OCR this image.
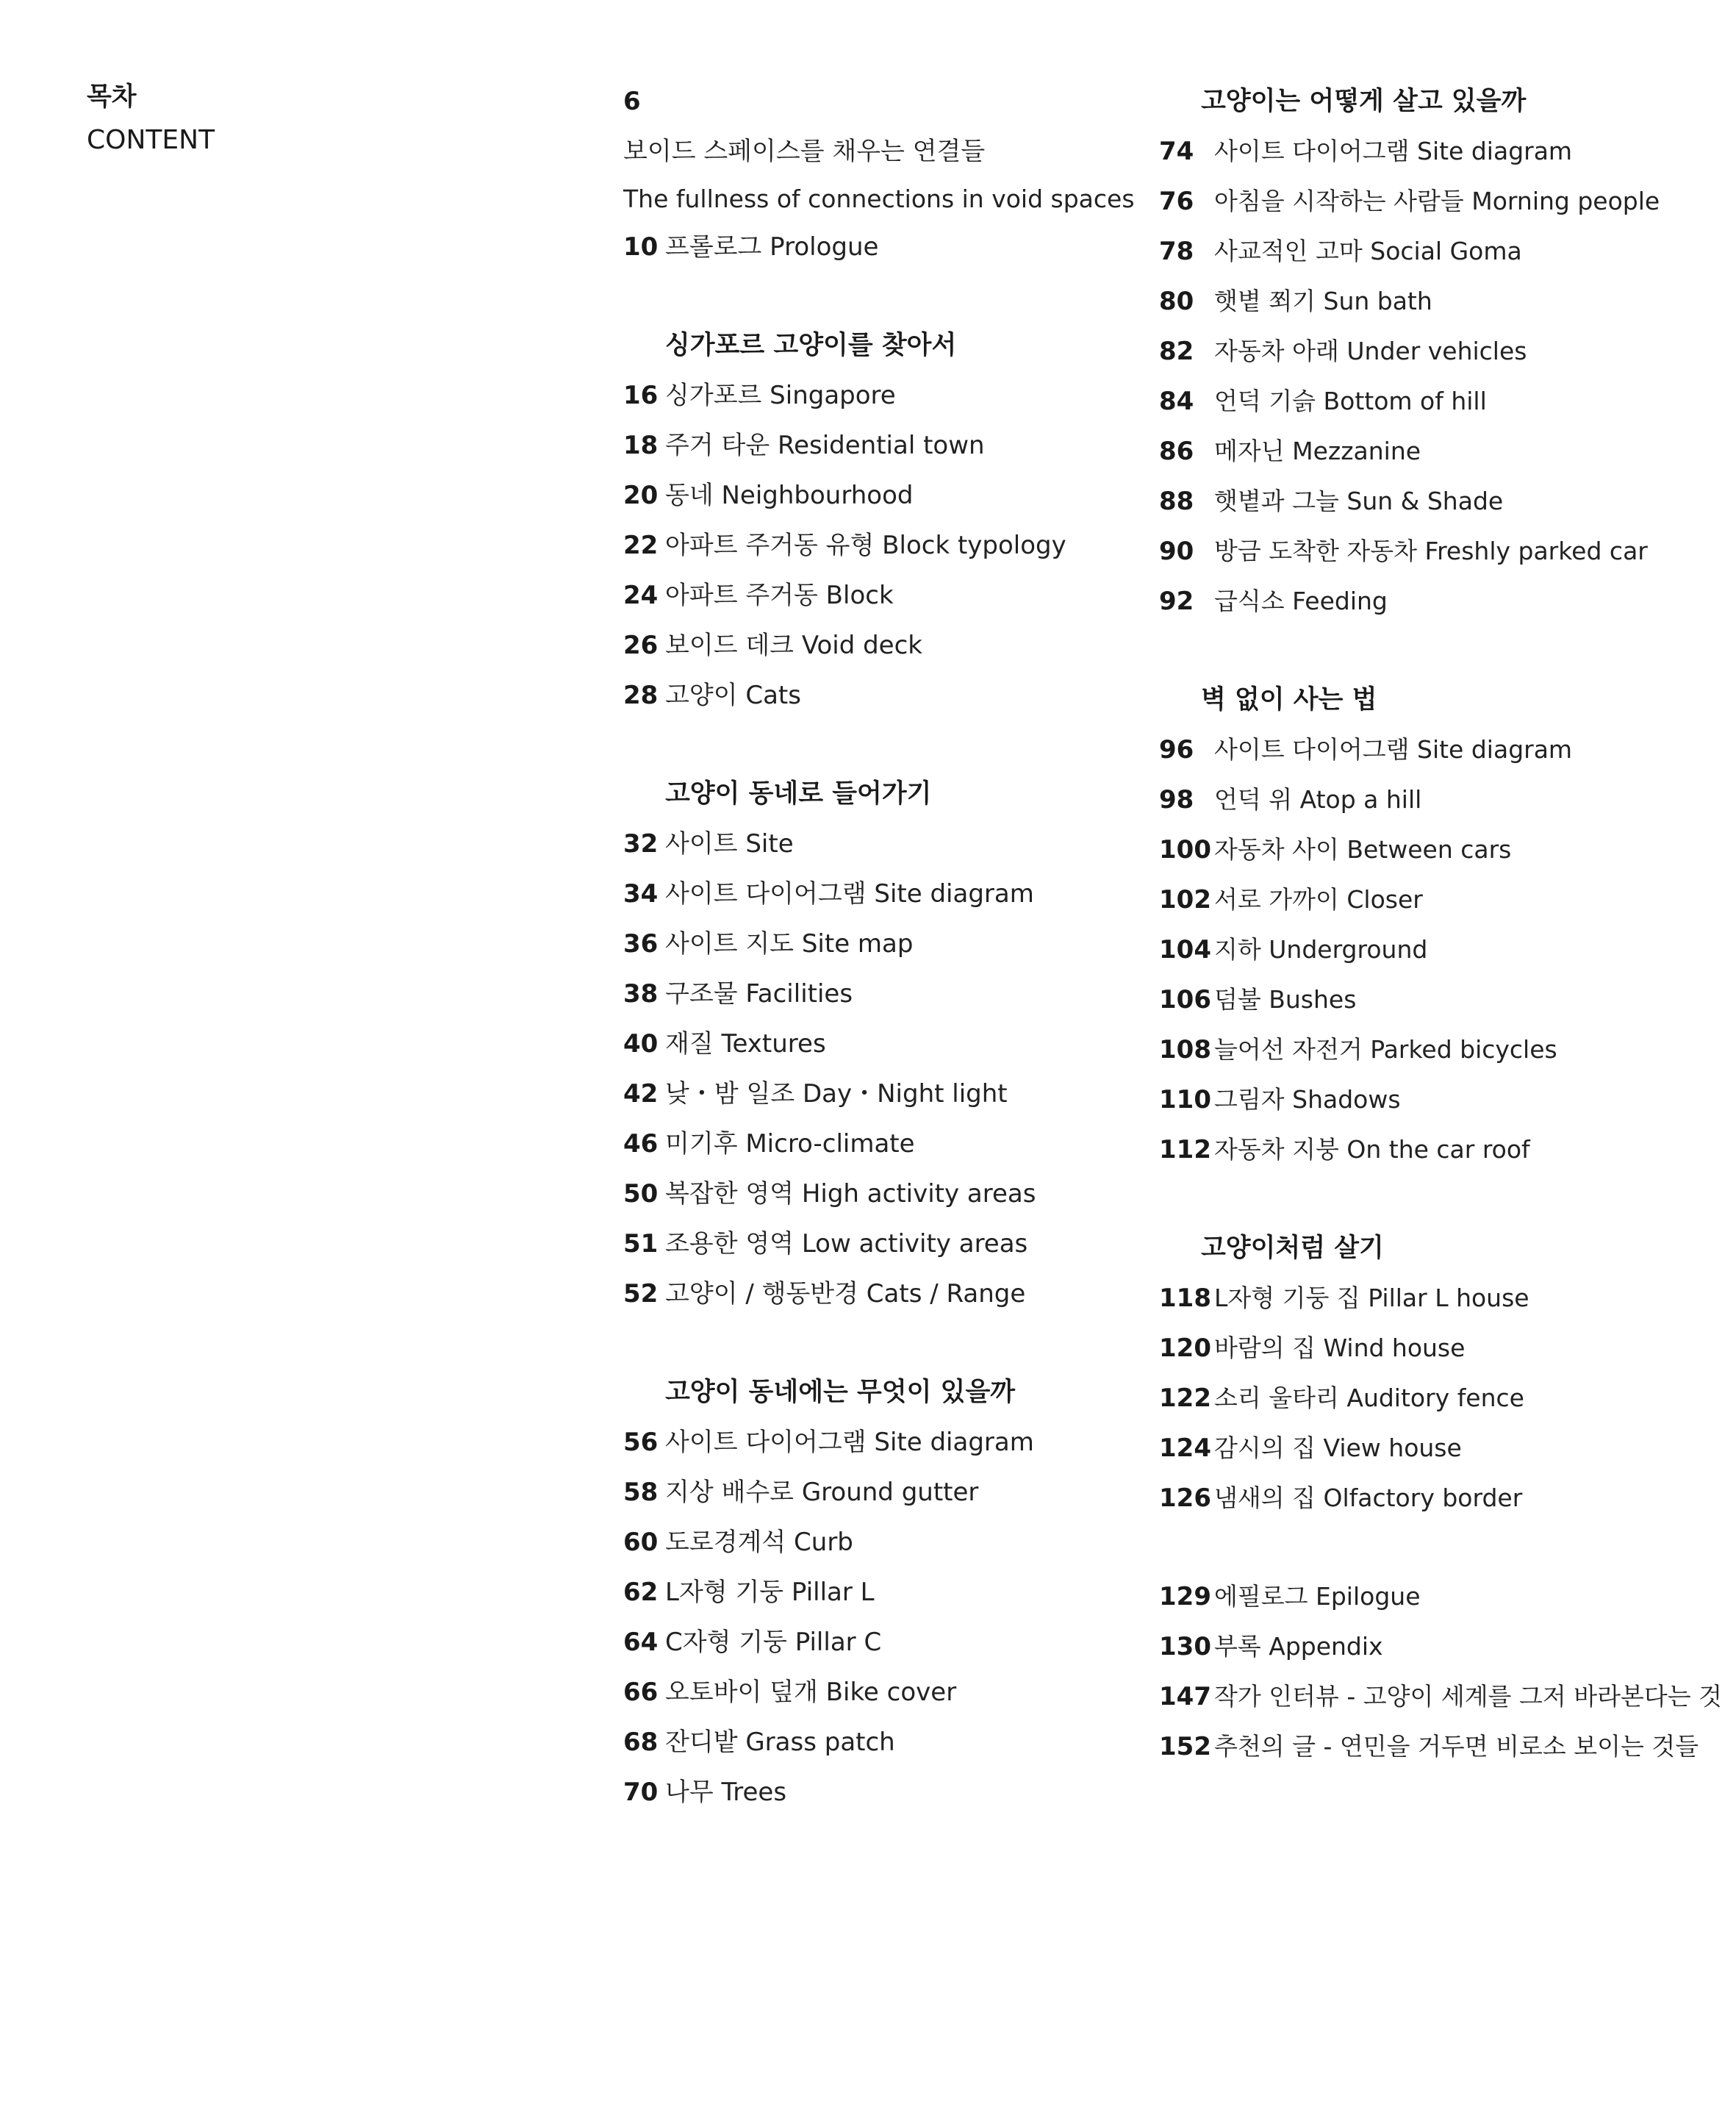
목차

CONTENT

6
보이드 스페이스를 채우는 연결들
The fullness of connections in void spaces
10 프롤로그 Prologue
싱가포르 고양이를 찾아서
16 싱가포르 Singapore
18 주거 타운 Residential town
20 동네 Neighbourhood
22 아파트 주거동 유형 Block typology
24 아파트 주거동 Block
26 보이드 데크 Void deck
28 고양이 Cats
고양이 동네로 들어가기
32 사이트 Site
34 사이트 다이어그램 Site diagram
36 사이트 지도 Site map
38 구조물 Facilities
40 재질 Textures
42 낮・밤 일조 Day・Night light
46 미기후 Micro-climate
50 복잡한 영역 High activity areas
51 조용한 영역 Low activity areas
52 고양이 / 행동반경 Cats / Range
고양이 동네에는 무엇이 있을까
56 사이트 다이어그램 Site diagram
58 지상 배수로 Ground gutter
60 도로경계석 Curb
62 L자형 기둥 Pillar L
64 C자형 기둥 Pillar C
66 오토바이 덮개 Bike cover
68 잔디밭 Grass patch
70 나무 Trees
고양이는 어떻게 살고 있을까
74 사이트 다이어그램 Site diagram
76 아침을 시작하는 사람들 Morning people
78 사교적인 고마 Social Goma
80 햇볕 쬐기 Sun bath
82 자동차 아래 Under vehicles
84 언덕 기슭 Bottom of hill
86 메자닌 Mezzanine
88 햇볕과 그늘 Sun & Shade
90 방금 도착한 자동차 Freshly parked car
92 급식소 Feeding
벽 없이 사는 법
96 사이트 다이어그램 Site diagram
98 언덕 위 Atop a hill
100 자동차 사이 Between cars
102 서로 가까이 Closer
104 지하 Underground
106 덤불 Bushes
108 늘어선 자전거 Parked bicycles
110 그림자 Shadows
112 자동차 지붕 On the car roof
고양이처럼 살기
118 L자형 기둥 집 Pillar L house
120 바람의 집 Wind house
122 소리 울타리 Auditory fence
124 감시의 집 View house
126 냄새의 집 Olfactory border
129 에필로그 Epilogue
130 부록 Appendix
147 작가 인터뷰 - 고양이 세계를 그저 바라본다는 것
152 추천의 글 - 연민을 거두면 비로소 보이는 것들
